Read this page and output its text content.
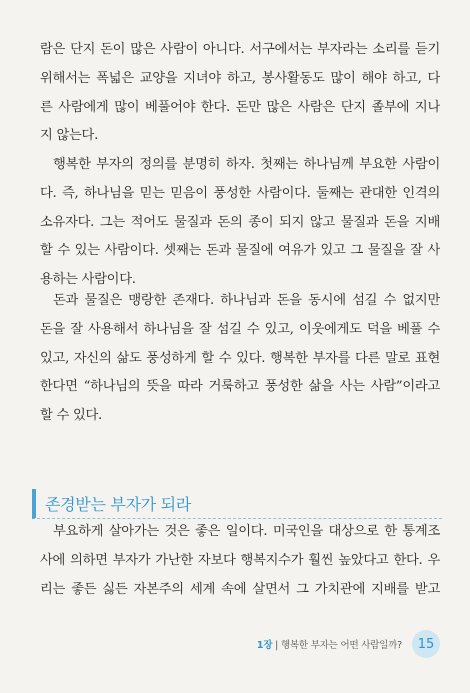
람은 단지 돈이 많은 사람이 아니다. 서구에서는 부자라는 소리를 듣기
위해서는 폭넓은 교양을 지녀야 하고, 봉사활동도 많이 해야 하고, 다
른 사람에게 많이 베풀어야 한다. 돈만 많은 사람은 단지 졸부에 지나
지 않는다.
행복한 부자의 정의를 분명히 하자. 첫째는 하나님께 부요한 사람이
다. 즉, 하나님을 믿는 믿음이 풍성한 사람이다. 둘째는 관대한 인격의
소유자다. 그는 적어도 물질과 돈의 종이 되지 않고 물질과 돈을 지배
할 수 있는 사람이다. 셋째는 돈과 물질에 여유가 있고 그 물질을 잘 사
용하는 사람이다.
돈과 물질은 맹랑한 존재다. 하나님과 돈을 동시에 섬길 수 없지만
돈을 잘 사용해서 하나님을 잘 섬길 수 있고, 이웃에게도 덕을 베풀 수
있고, 자신의 삶도 풍성하게 할 수 있다. 행복한 부자를 다른 말로 표현
한다면 “하나님의 뜻을 따라 거룩하고 풍성한 삶을 사는 사람”이라고
할 수 있다.
존경받는 부자가 되라
부요하게 살아가는 것은 좋은 일이다. 미국인을 대상으로 한 통계조
사에 의하면 부자가 가난한 자보다 행복지수가 훨씬 높았다고 한다. 우
리는 좋든 싫든 자본주의 세계 속에 살면서 그 가치관에 지배를 받고
1장 | 행복한 부자는 어떤 사람일까?	15
